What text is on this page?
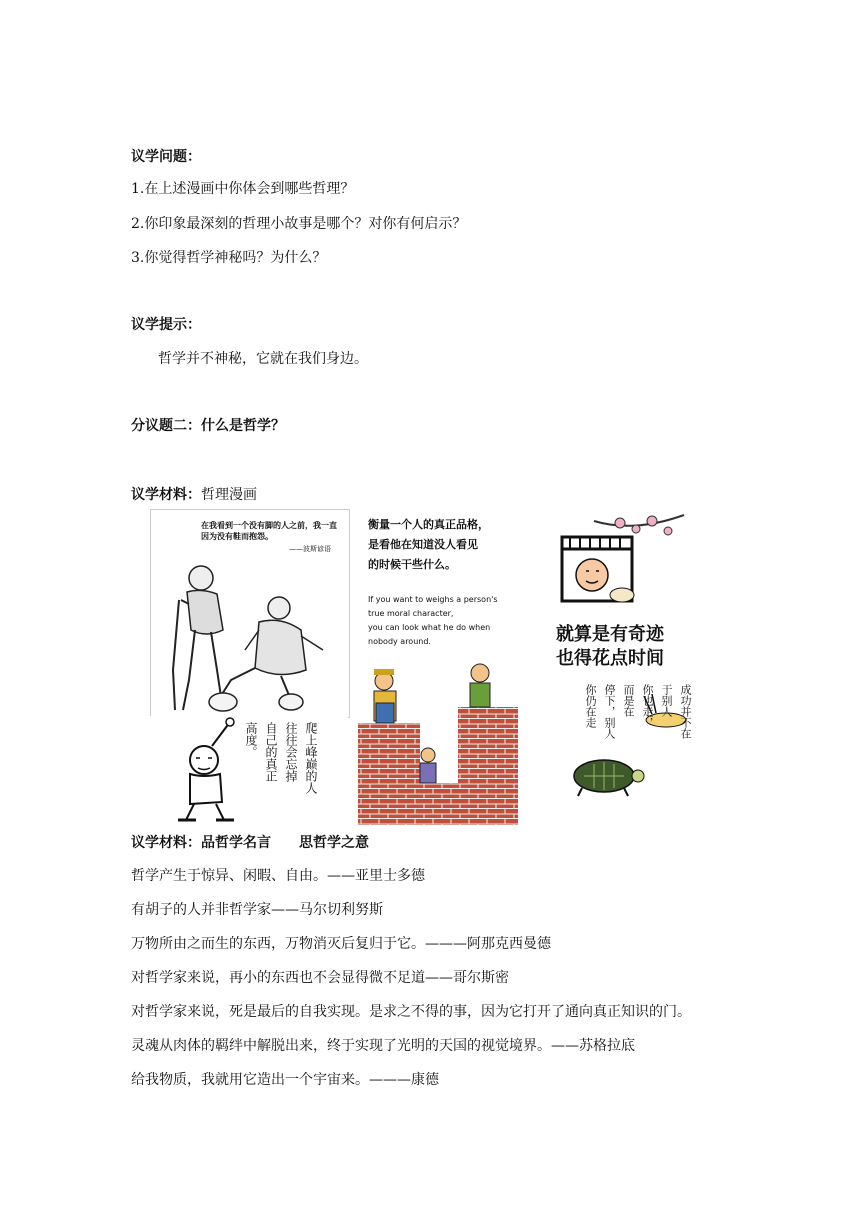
议学问题：
1.在上述漫画中你体会到哪些哲理？
2.你印象最深刻的哲理小故事是哪个？对你有何启示？
3.你觉得哲学神秘吗？为什么？
议学提示：
哲学并不神秘，它就在我们身边。
分议题二：什么是哲学？
议学材料：哲理漫画
在我看到一个没有脚的人之前，我一直因为没有鞋而抱怨。
——波斯谚语
衡量一个人的真正品格，
是看他在知道没人看见
的时候干些什么。
If you want to weighs a person's
true moral character,
you can look what he do when
nobody around.	就算是有奇迹
也得花点时间
爬上峰巅的人
往往会忘掉
自己的真正
高度。
成功并不在
于别人
你也走，
而是在
停下，别人
你仍在走
议学材料：品哲学名言　　思哲学之意
哲学产生于惊异、闲暇、自由。——亚里士多德
有胡子的人并非哲学家——马尔切利努斯
万物所由之而生的东西，万物消灭后复归于它。———阿那克西曼德
对哲学家来说，再小的东西也不会显得微不足道——哥尔斯密
对哲学家来说，死是最后的自我实现。是求之不得的事，因为它打开了通向真正知识的门。
灵魂从肉体的羁绊中解脱出来，终于实现了光明的天国的视觉境界。——苏格拉底
给我物质，我就用它造出一个宇宙来。———康德
